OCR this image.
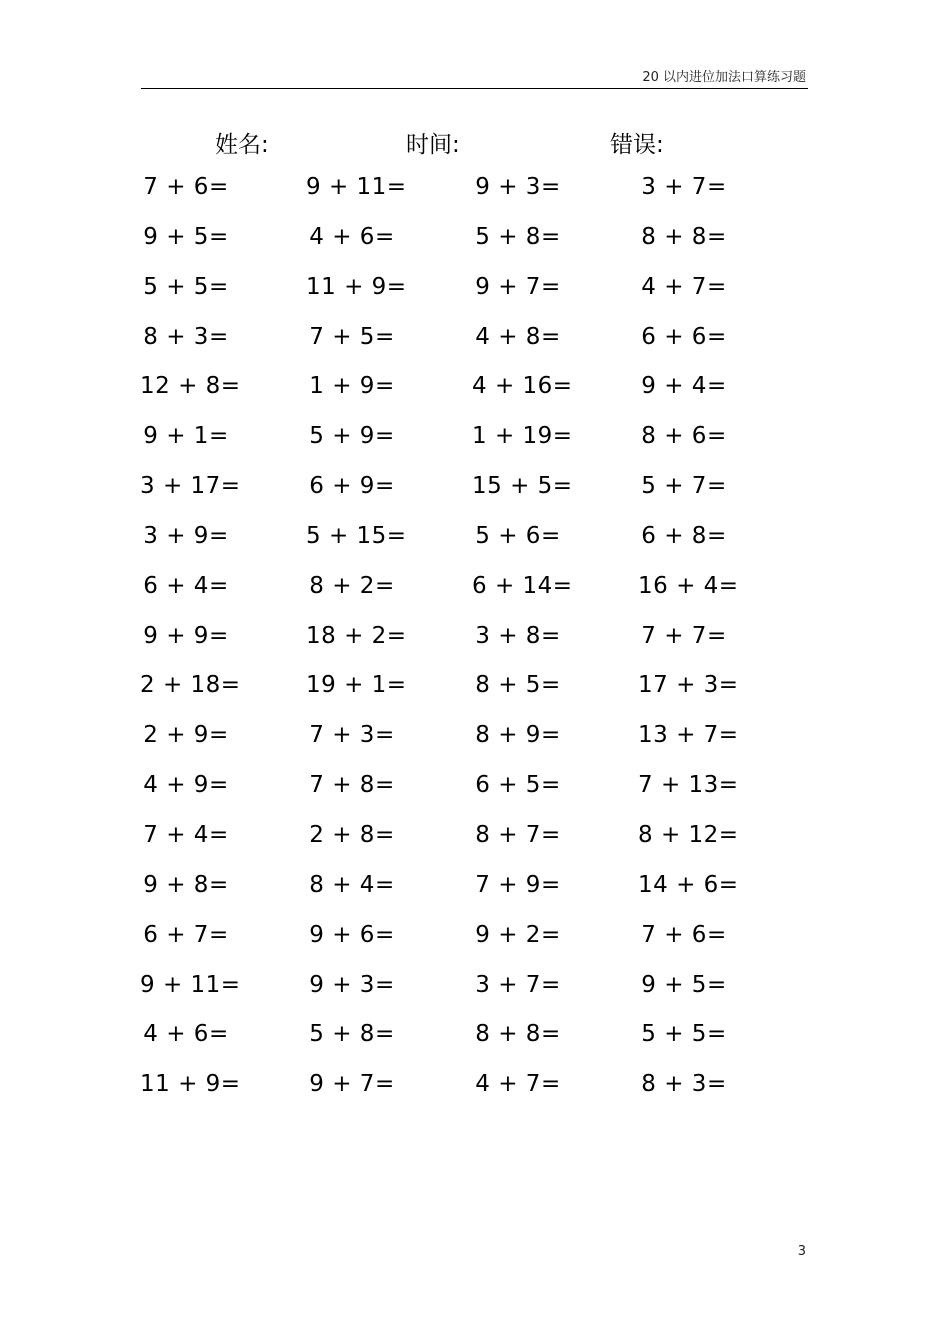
20 以内进位加法口算练习题
姓名:	时间:	错误:
7 + 6=	9 + 11=	9 + 3=	3 + 7=
9 + 5=	4 + 6=	5 + 8=	8 + 8=
5 + 5=	11 + 9=	9 + 7=	4 + 7=
8 + 3=	7 + 5=	4 + 8=	6 + 6=
12 + 8=	1 + 9=	4 + 16=	9 + 4=
9 + 1=	5 + 9=	1 + 19=	8 + 6=
3 + 17=	6 + 9=	15 + 5=	5 + 7=
3 + 9=	5 + 15=	5 + 6=	6 + 8=
6 + 4=	8 + 2=	6 + 14=	16 + 4=
9 + 9=	18 + 2=	3 + 8=	7 + 7=
2 + 18=	19 + 1=	8 + 5=	17 + 3=
2 + 9=	7 + 3=	8 + 9=	13 + 7=
4 + 9=	7 + 8=	6 + 5=	7 + 13=
7 + 4=	2 + 8=	8 + 7=	8 + 12=
9 + 8=	8 + 4=	7 + 9=	14 + 6=
6 + 7=	9 + 6=	9 + 2=	7 + 6=
9 + 11=	9 + 3=	3 + 7=	9 + 5=
4 + 6=	5 + 8=	8 + 8=	5 + 5=
11 + 9=	9 + 7=	4 + 7=	8 + 3=
3
